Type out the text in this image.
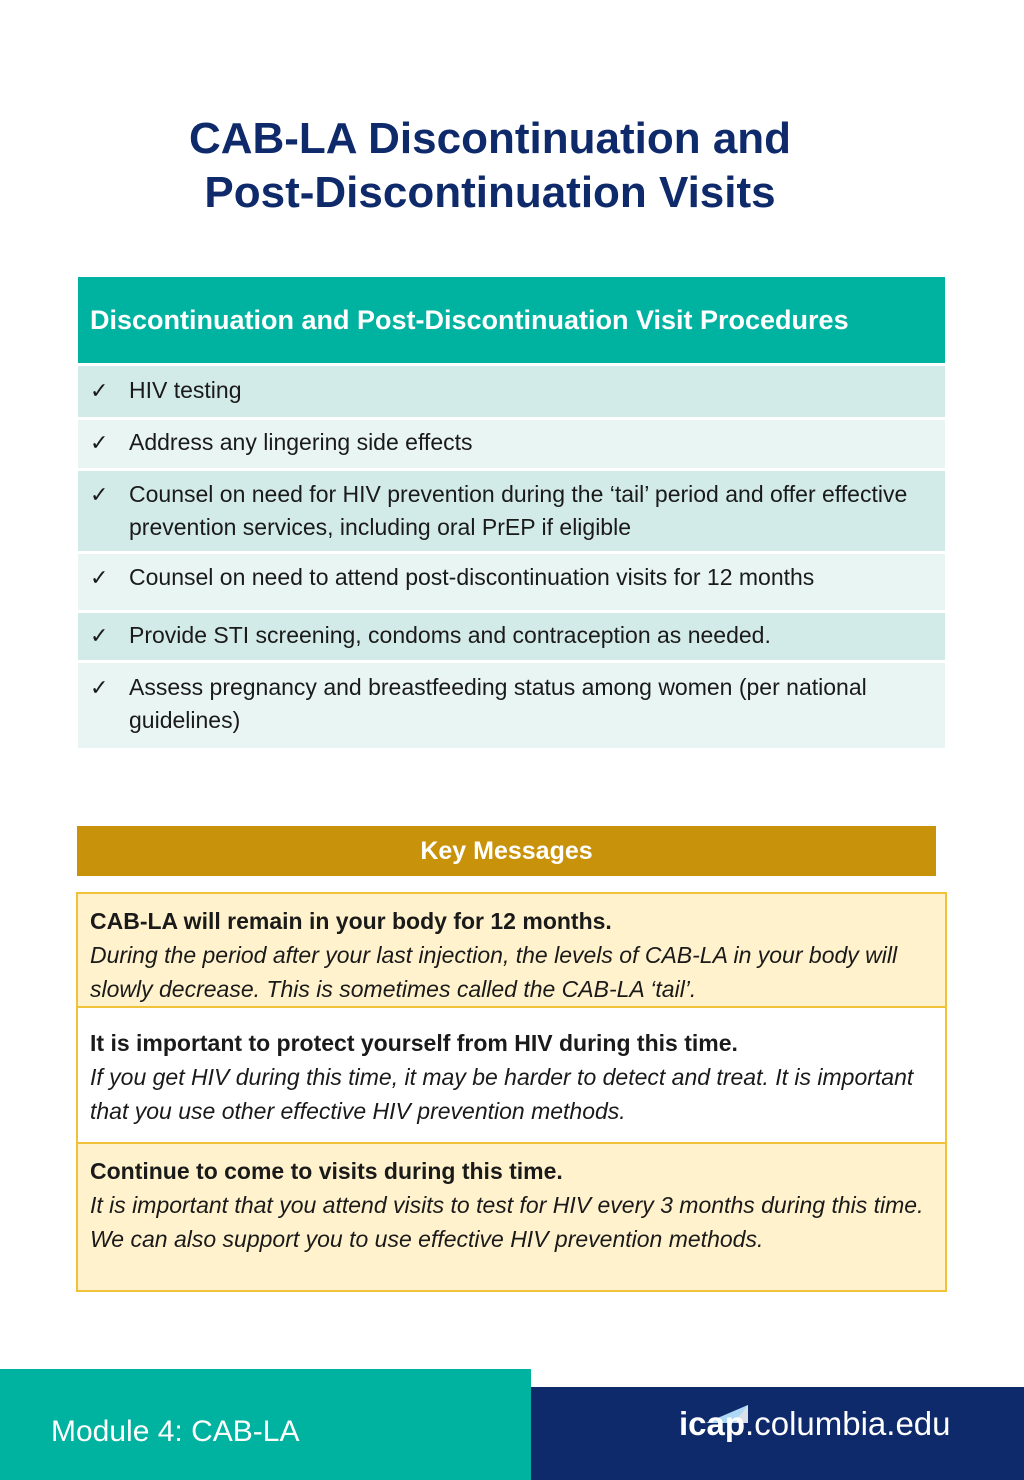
CAB-LA Discontinuation and
Post-Discontinuation Visits
Discontinuation and Post-Discontinuation Visit Procedures
✓ HIV testing
✓ Address any lingering side effects
✓ Counsel on need for HIV prevention during the ‘tail’ period and offer effective prevention services, including oral PrEP if eligible
✓ Counsel on need to attend post-discontinuation visits for 12 months
✓ Provide STI screening, condoms and contraception as needed.
✓ Assess pregnancy and breastfeeding status among women (per national guidelines)
Key Messages
CAB-LA will remain in your body for 12 months.
During the period after your last injection, the levels of CAB-LA in your body will slowly decrease. This is sometimes called the CAB-LA ‘tail’.
It is important to protect yourself from HIV during this time.
If you get HIV during this time, it may be harder to detect and treat. It is important that you use other effective HIV prevention methods.
Continue to come to visits during this time.
It is important that you attend visits to test for HIV every 3 months during this time. We can also support you to use effective HIV prevention methods.
Module 4: CAB-LA	icap.columbia.edu
